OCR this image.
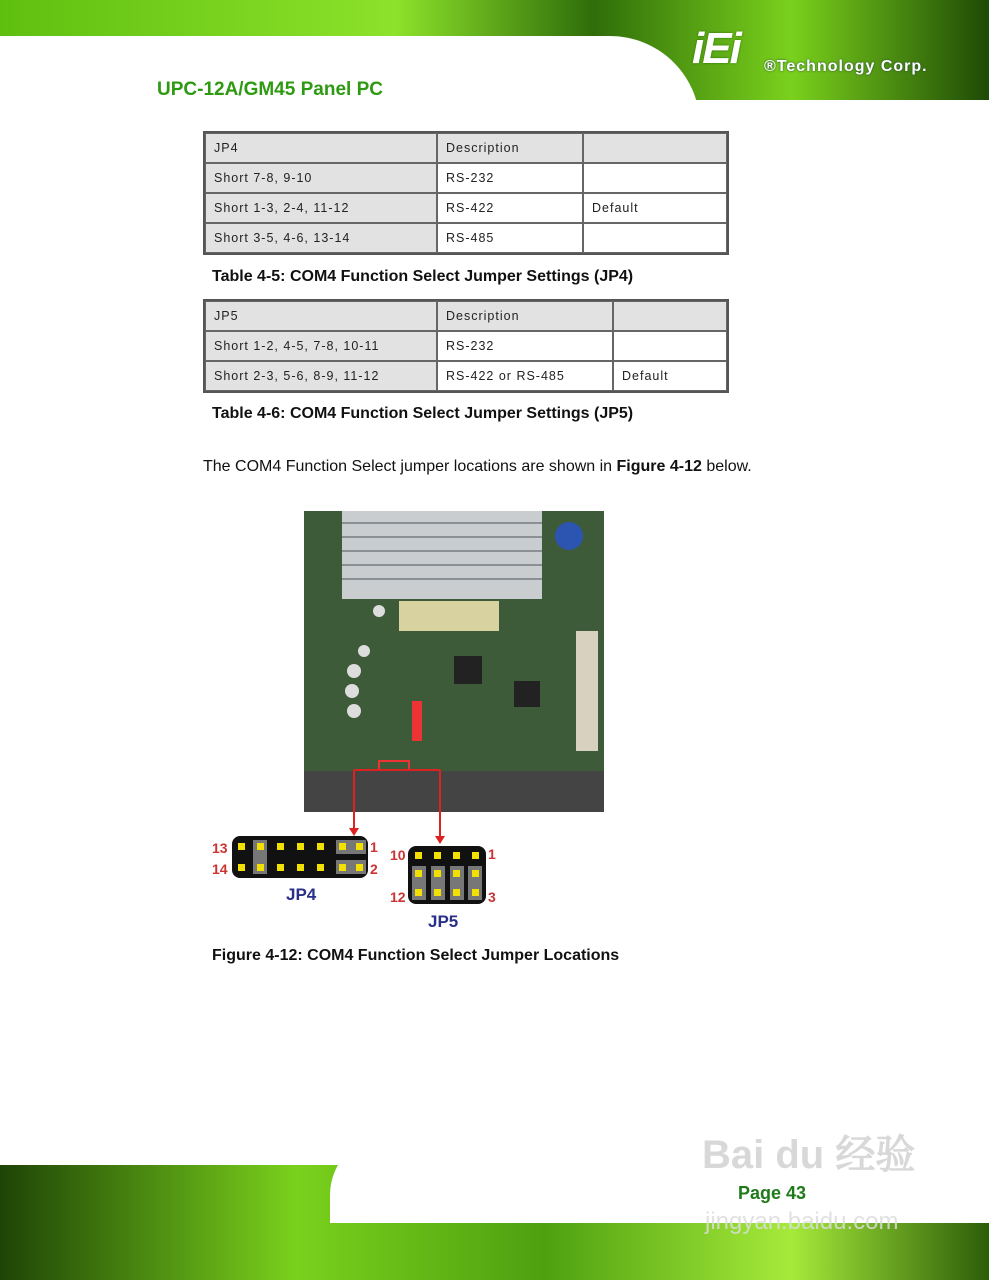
UPC-12A/GM45 Panel PC
iEi ®Technology Corp.
JP4	Description	
Short 7-8, 9-10	RS-232	
Short 1-3, 2-4, 11-12	RS-422	Default
Short 3-5, 4-6, 13-14	RS-485	
Table 4-5: COM4 Function Select Jumper Settings (JP4)
JP5	Description	
Short 1-2, 4-5, 7-8, 10-11	RS-232	
Short 2-3, 5-6, 8-9, 11-12	RS-422 or RS-485	Default
Table 4-6: COM4 Function Select Jumper Settings (JP5)
The COM4 Function Select jumper locations are shown in Figure 4-12 below.
13
14
1
2
JP4
10
12
1
3
JP5
Figure 4-12: COM4 Function Select Jumper Locations
Bai du 经验
Page 43
jingyan.baidu.com
